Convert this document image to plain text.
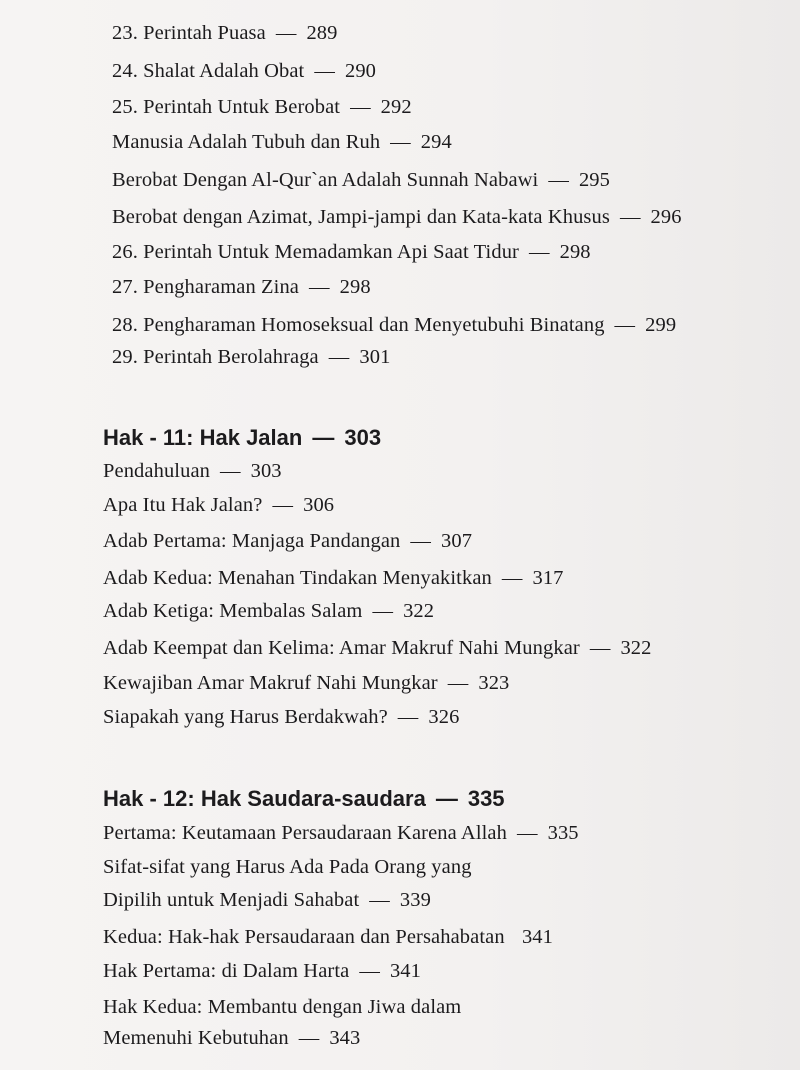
23. Perintah Puasa — 289
24. Shalat Adalah Obat — 290
25. Perintah Untuk Berobat — 292
Manusia Adalah Tubuh dan Ruh — 294
Berobat Dengan Al-Qur`an Adalah Sunnah Nabawi — 295
Berobat dengan Azimat, Jampi-jampi dan Kata-kata Khusus — 296
26. Perintah Untuk Memadamkan Api Saat Tidur — 298
27. Pengharaman Zina — 298
28. Pengharaman Homoseksual dan Menyetubuhi Binatang — 299
29. Perintah Berolahraga — 301
Hak - 11: Hak Jalan — 303
Pendahuluan — 303
Apa Itu Hak Jalan? — 306
Adab Pertama: Manjaga Pandangan — 307
Adab Kedua: Menahan Tindakan Menyakitkan — 317
Adab Ketiga: Membalas Salam — 322
Adab Keempat dan Kelima: Amar Makruf Nahi Mungkar — 322
Kewajiban Amar Makruf Nahi Mungkar — 323
Siapakah yang Harus Berdakwah? — 326
Hak - 12: Hak Saudara-saudara — 335
Pertama: Keutamaan Persaudaraan Karena Allah — 335
Sifat-sifat yang Harus Ada Pada Orang yang
Dipilih untuk Menjadi Sahabat — 339
Kedua: Hak-hak Persaudaraan dan Persahabatan 341
Hak Pertama: di Dalam Harta — 341
Hak Kedua: Membantu dengan Jiwa dalam
Memenuhi Kebutuhan — 343
